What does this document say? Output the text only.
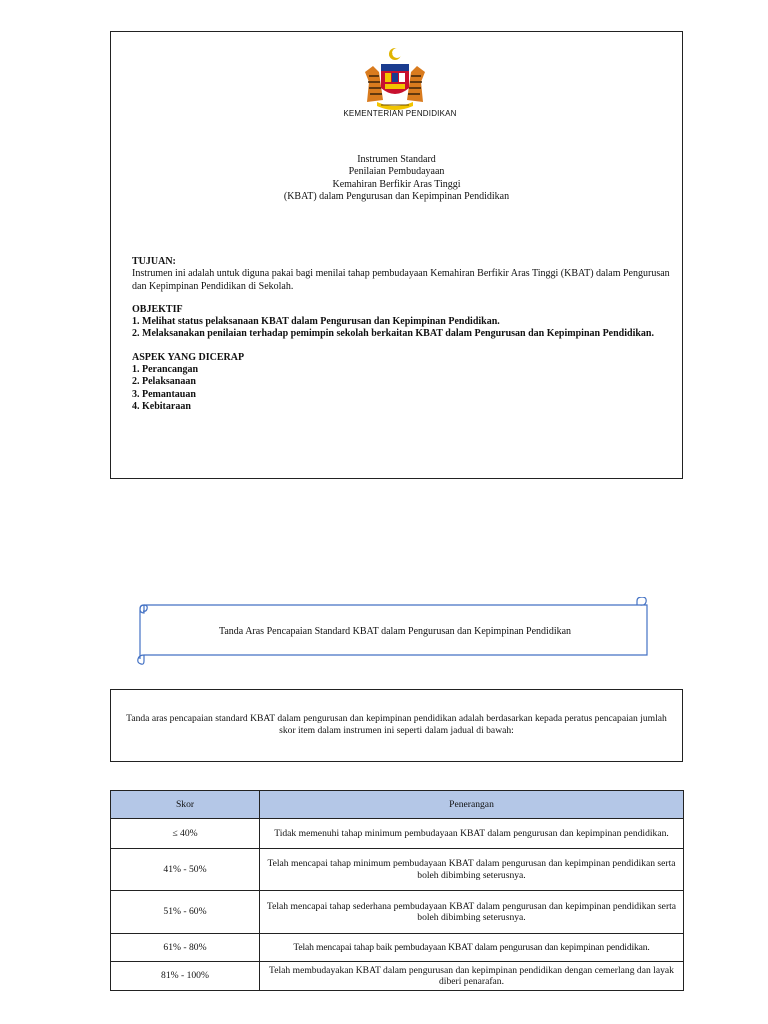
KEMENTERIAN PENDIDIKAN
Instrumen Standard
Penilaian Pembudayaan
Kemahiran Berfikir Aras Tinggi
(KBAT) dalam Pengurusan dan Kepimpinan Pendidikan
TUJUAN:
Instrumen ini adalah untuk diguna pakai bagi menilai tahap pembudayaan Kemahiran Berfikir Aras Tinggi (KBAT) dalam Pengurusan dan Kepimpinan Pendidikan di Sekolah.
OBJEKTIF
1. Melihat status pelaksanaan KBAT dalam Pengurusan dan Kepimpinan Pendidikan.
2. Melaksanakan penilaian terhadap pemimpin sekolah berkaitan KBAT dalam Pengurusan dan Kepimpinan Pendidikan.
ASPEK YANG DICERAP
1. Perancangan
2. Pelaksanaan
3. Pemantauan
4. Kebitaraan
Tanda Aras Pencapaian Standard KBAT dalam Pengurusan dan Kepimpinan Pendidikan
Tanda aras pencapaian standard KBAT dalam pengurusan dan kepimpinan pendidikan adalah berdasarkan kepada peratus pencapaian jumlah skor item dalam instrumen ini seperti dalam jadual di bawah:
Skor	Penerangan
≤ 40%	Tidak memenuhi tahap minimum pembudayaan KBAT dalam pengurusan dan kepimpinan pendidikan.
41% - 50%	Telah mencapai tahap minimum pembudayaan KBAT dalam pengurusan dan kepimpinan pendidikan serta boleh dibimbing seterusnya.
51% - 60%	Telah mencapai tahap sederhana pembudayaan KBAT dalam pengurusan dan kepimpinan pendidikan serta boleh dibimbing seterusnya.
61% - 80%	Telah mencapai tahap baik pembudayaan KBAT dalam pengurusan dan kepimpinan pendidikan.
81% - 100%	Telah membudayakan KBAT dalam pengurusan dan kepimpinan pendidikan dengan cemerlang dan layak diberi penarafan.
